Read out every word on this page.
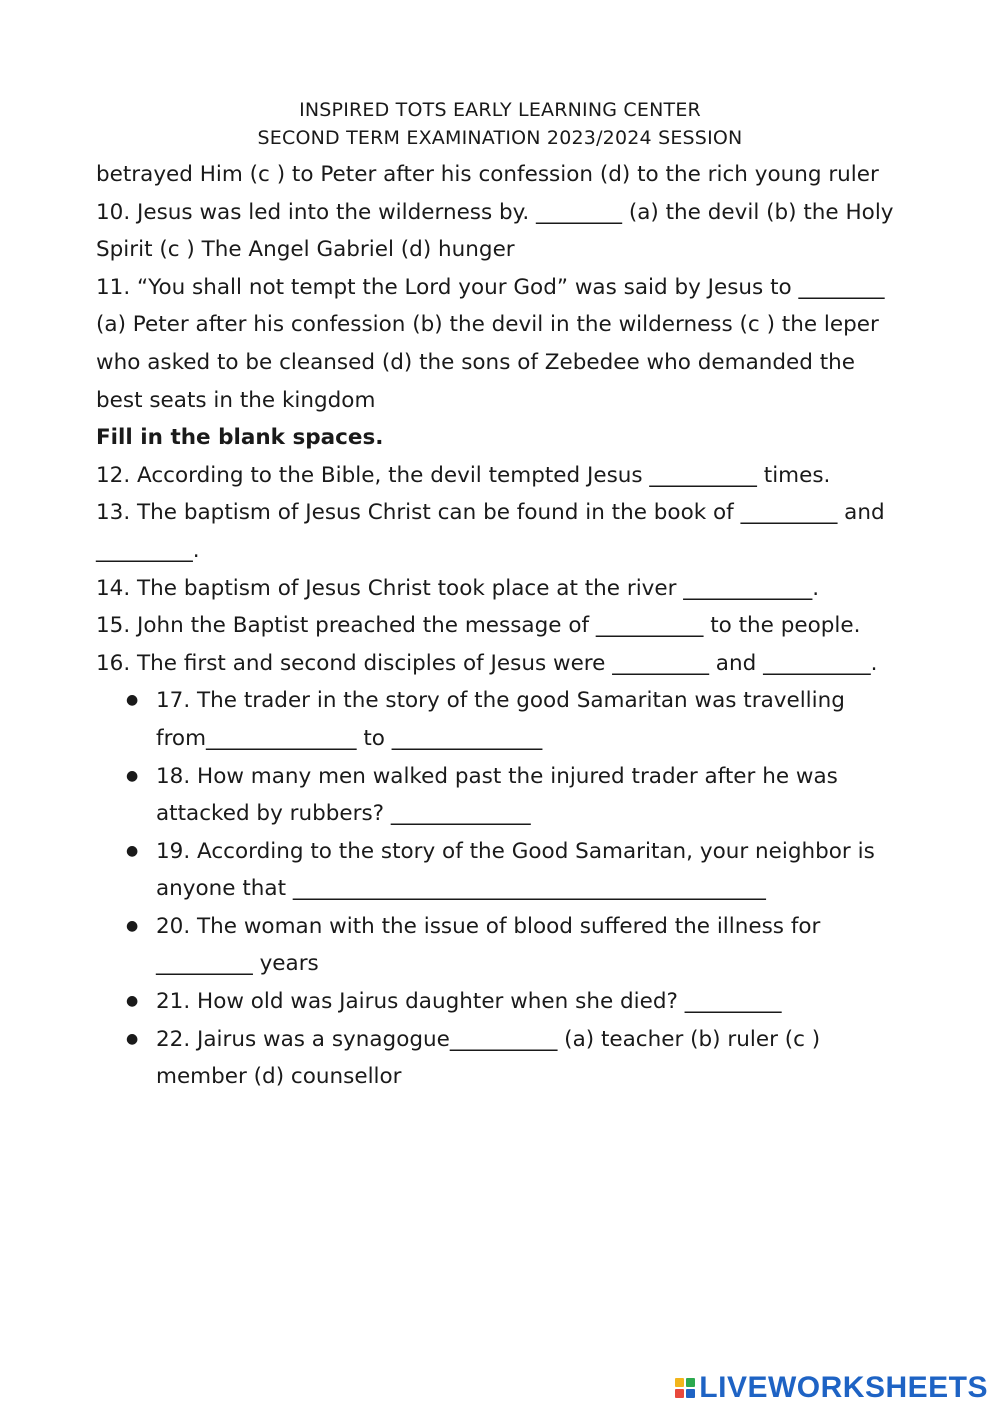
INSPIRED TOTS EARLY LEARNING CENTER
SECOND TERM EXAMINATION 2023/2024 SESSION

betrayed Him (c ) to Peter after his confession (d) to the rich young ruler

10. Jesus was led into the wilderness by. ________ (a) the devil (b) the Holy Spirit (c ) The Angel Gabriel (d) hunger

11. “You shall not tempt the Lord your God” was said by Jesus to ________ (a) Peter after his confession (b) the devil in the wilderness (c ) the leper who asked to be cleansed (d) the sons of Zebedee who demanded the best seats in the kingdom

Fill in the blank spaces.

12. According to the Bible, the devil tempted Jesus __________ times.

13. The baptism of Jesus Christ can be found in the book of _________ and _________.

14. The baptism of Jesus Christ took place at the river ____________.

15. John the Baptist preached the message of __________ to the people.

16. The first and second disciples of Jesus were _________ and __________.

● 17. The trader in the story of the good Samaritan was travelling from______________ to ______________
● 18. How many men walked past the injured trader after he was attacked by rubbers? _____________
● 19. According to the story of the Good Samaritan, your neighbor is anyone that ____________________________________________
● 20. The woman with the issue of blood suffered the illness for _________ years
● 21. How old was Jairus daughter when she died? _________
● 22. Jairus was a synagogue__________ (a) teacher (b) ruler (c ) member (d) counsellor
LIVEWORKSHEETS
